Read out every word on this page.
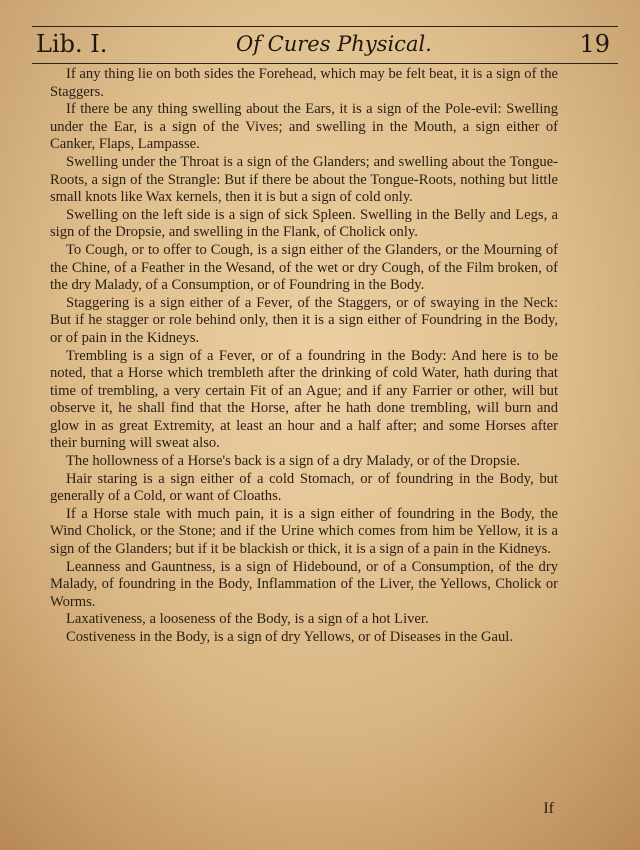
Lib. I.	Of Cures Physical.	19

If any thing lie on both sides the Forehead, which may be felt beat, it is a sign of the Staggers.

If there be any thing swelling about the Ears, it is a sign of the Pole-evil: Swelling under the Ear, is a sign of the Vives; and swelling in the Mouth, a sign either of Canker, Flaps, Lampasse.

Swelling under the Throat is a sign of the Glanders; and swelling about the Tongue-Roots, a sign of the Strangle: But if there be about the Tongue-Roots, nothing but little small knots like Wax kernels, then it is but a sign of cold only.

Swelling on the left side is a sign of sick Spleen. Swelling in the Belly and Legs, a sign of the Dropsie, and swelling in the Flank, of Cholick only.

To Cough, or to offer to Cough, is a sign either of the Glanders, or the Mourning of the Chine, of a Feather in the Wesand, of the wet or dry Cough, of the Film broken, of the dry Malady, of a Consumption, or of Foundring in the Body.

Staggering is a sign either of a Fever, of the Staggers, or of swaying in the Neck: But if he stagger or role behind only, then it is a sign either of Foundring in the Body, or of pain in the Kidneys.

Trembling is a sign of a Fever, or of a foundring in the Body: And here is to be noted, that a Horse which trembleth after the drinking of cold Water, hath during that time of trembling, a very certain Fit of an Ague; and if any Farrier or other, will but observe it, he shall find that the Horse, after he hath done trembling, will burn and glow in as great Extremity, at least an hour and a half after; and some Horses after their burning will sweat also.

The hollowness of a Horse's back is a sign of a dry Malady, or of the Dropsie.

Hair staring is a sign either of a cold Stomach, or of foundring in the Body, but generally of a Cold, or want of Cloaths.

If a Horse stale with much pain, it is a sign either of foundring in the Body, the Wind Cholick, or the Stone; and if the Urine which comes from him be Yellow, it is a sign of the Glanders; but if it be blackish or thick, it is a sign of a pain in the Kidneys.

Leanness and Gauntness, is a sign of Hidebound, or of a Consumption, of the dry Malady, of foundring in the Body, Inflammation of the Liver, the Yellows, Cholick or Worms.

Laxativeness, a looseness of the Body, is a sign of a hot Liver.

Costiveness in the Body, is a sign of dry Yellows, or of Diseases in the Gaul.

If
